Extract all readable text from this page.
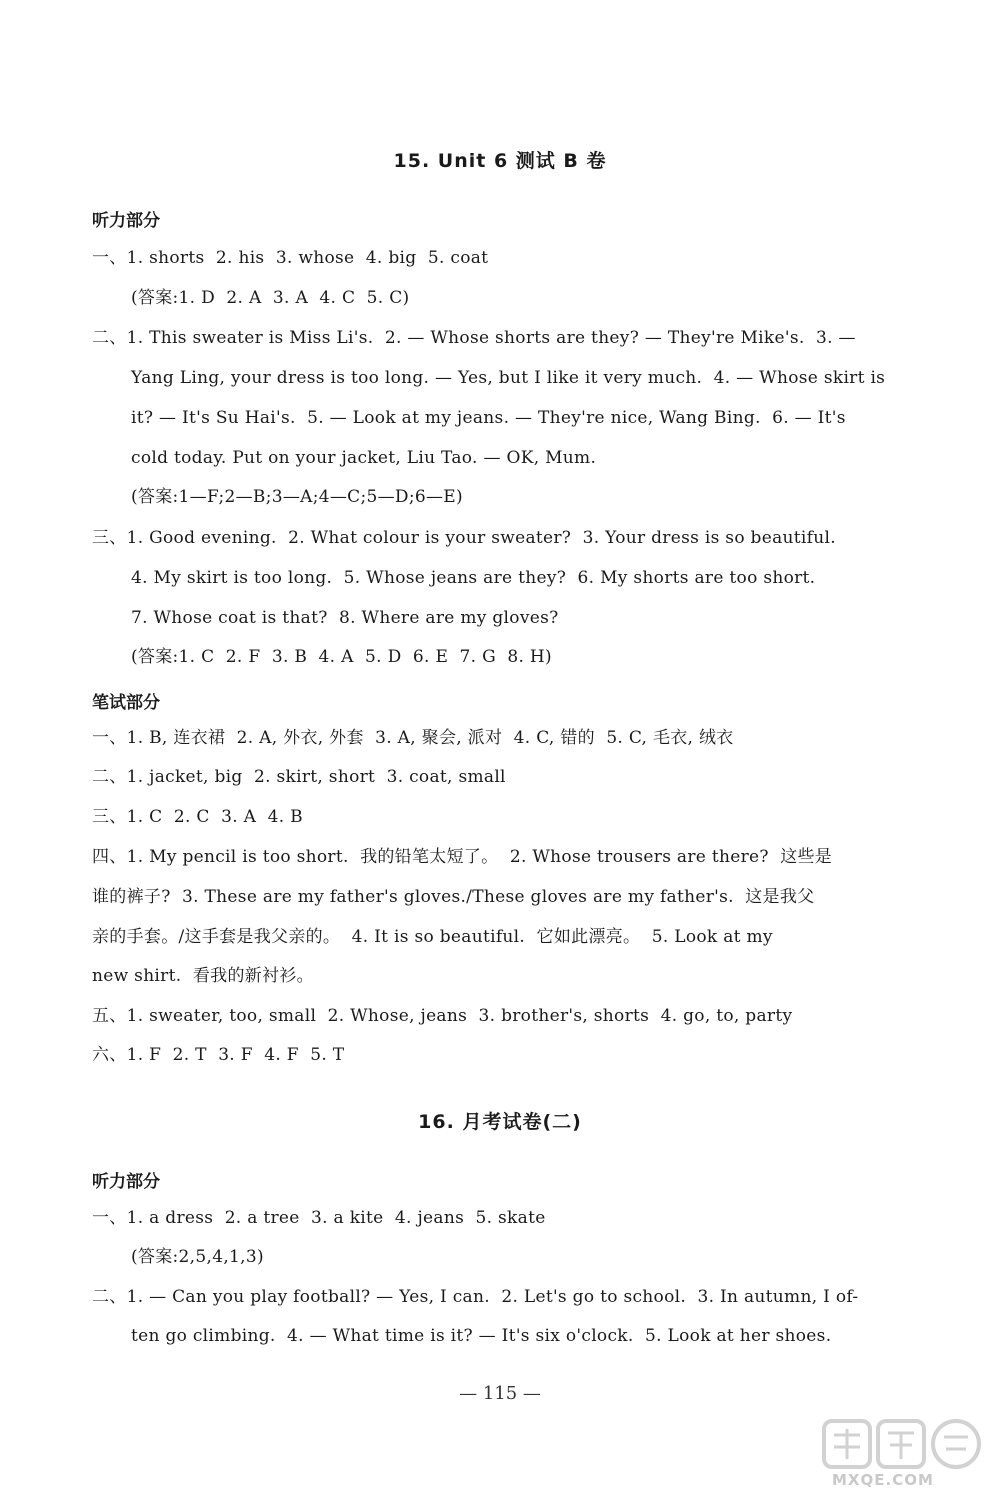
15. Unit 6 测试 B 卷
听力部分
一、1. shorts  2. his  3. whose  4. big  5. coat
(答案:1. D  2. A  3. A  4. C  5. C)
二、1. This sweater is Miss Li's.  2. — Whose shorts are they? — They're Mike's.  3. —
Yang Ling, your dress is too long. — Yes, but I like it very much.  4. — Whose skirt is
it? — It's Su Hai's.  5. — Look at my jeans. — They're nice, Wang Bing.  6. — It's
cold today. Put on your jacket, Liu Tao. — OK, Mum.
(答案:1—F;2—B;3—A;4—C;5—D;6—E)
三、1. Good evening.  2. What colour is your sweater?  3. Your dress is so beautiful.
4. My skirt is too long.  5. Whose jeans are they?  6. My shorts are too short.
7. Whose coat is that?  8. Where are my gloves?
(答案:1. C  2. F  3. B  4. A  5. D  6. E  7. G  8. H)
笔试部分
一、1. B, 连衣裙  2. A, 外衣, 外套  3. A, 聚会, 派对  4. C, 错的  5. C, 毛衣, 绒衣
二、1. jacket, big  2. skirt, short  3. coat, small
三、1. C  2. C  3. A  4. B
四、1. My pencil is too short.  我的铅笔太短了。  2. Whose trousers are there?  这些是
谁的裤子?  3. These are my father's gloves./These gloves are my father's.  这是我父
亲的手套。/这手套是我父亲的。  4. It is so beautiful.  它如此漂亮。  5. Look at my
new shirt.  看我的新衬衫。
五、1. sweater, too, small  2. Whose, jeans  3. brother's, shorts  4. go, to, party
六、1. F  2. T  3. F  4. F  5. T
16. 月考试卷(二)
听力部分
一、1. a dress  2. a tree  3. a kite  4. jeans  5. skate
(答案:2,5,4,1,3)
二、1. — Can you play football? — Yes, I can.  2. Let's go to school.  3. In autumn, I of-
ten go climbing.  4. — What time is it? — It's six o'clock.  5. Look at her shoes.
— 115 —
MXQE.COM
